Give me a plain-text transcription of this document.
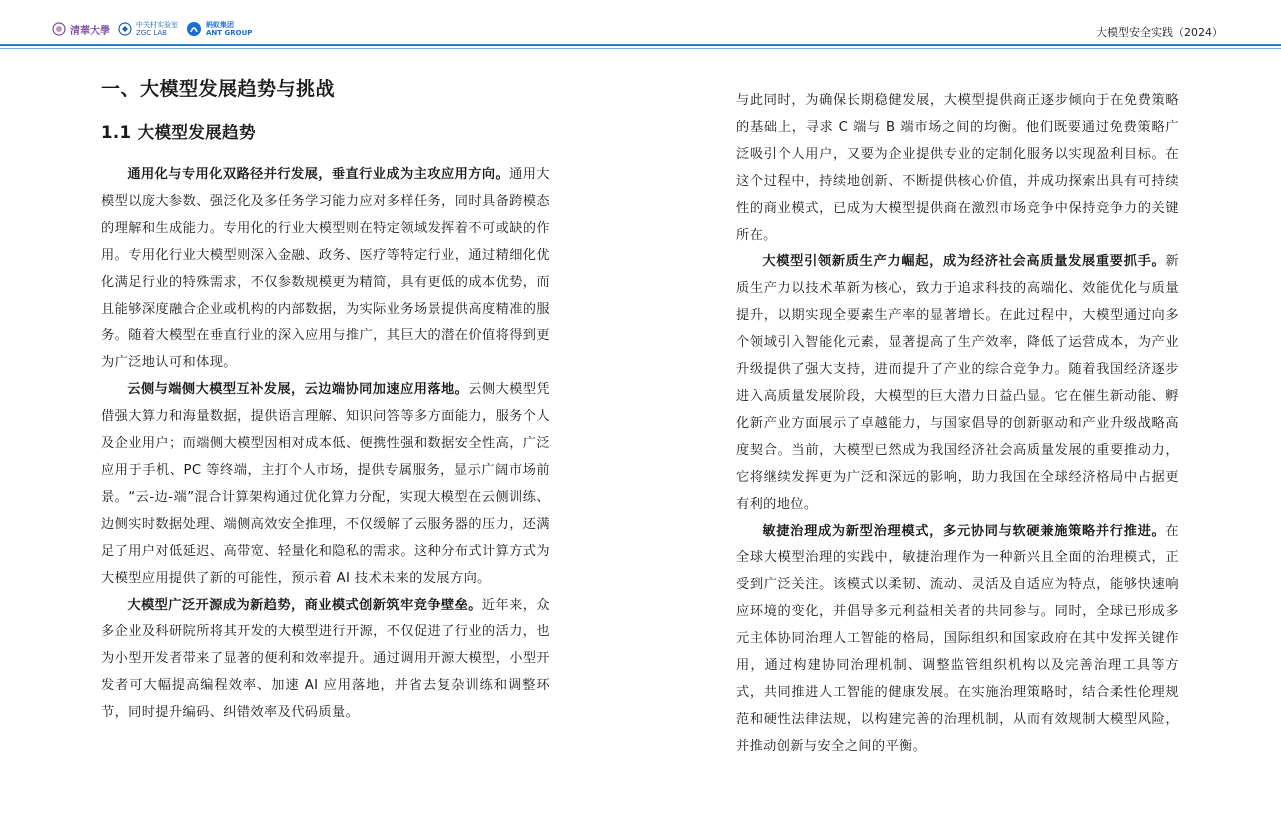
清華大學
中关村实验室
ZGC LAB
蚂蚁集团
ANT GROUP	大模型安全实践（2024）
一、大模型发展趋势与挑战
1.1 大模型发展趋势

通用化与专用化双路径并行发展，垂直行业成为主攻应用方向。通用大模型以庞大参数、强泛化及多任务学习能力应对多样任务，同时具备跨模态的理解和生成能力。专用化的行业大模型则在特定领域发挥着不可或缺的作用。专用化行业大模型则深入金融、政务、医疗等特定行业，通过精细化优化满足行业的特殊需求，不仅参数规模更为精简，具有更低的成本优势，而且能够深度融合企业或机构的内部数据，为实际业务场景提供高度精准的服务。随着大模型在垂直行业的深入应用与推广，其巨大的潜在价值将得到更为广泛地认可和体现。

云侧与端侧大模型互补发展，云边端协同加速应用落地。云侧大模型凭借强大算力和海量数据，提供语言理解、知识问答等多方面能力，服务个人及企业用户；而端侧大模型因相对成本低、便携性强和数据安全性高，广泛应用于手机、PC 等终端，主打个人市场，提供专属服务，显示广阔市场前景。“云-边-端”混合计算架构通过优化算力分配，实现大模型在云侧训练、边侧实时数据处理、端侧高效安全推理，不仅缓解了云服务器的压力，还满足了用户对低延迟、高带宽、轻量化和隐私的需求。这种分布式计算方式为大模型应用提供了新的可能性，预示着 AI 技术未来的发展方向。

大模型广泛开源成为新趋势，商业模式创新筑牢竞争壁垒。近年来，众多企业及科研院所将其开发的大模型进行开源，不仅促进了行业的活力，也为小型开发者带来了显著的便利和效率提升。通过调用开源大模型，小型开发者可大幅提高编程效率、加速 AI 应用落地，并省去复杂训练和调整环节，同时提升编码、纠错效率及代码质量。

与此同时，为确保长期稳健发展，大模型提供商正逐步倾向于在免费策略的基础上，寻求 C 端与 B 端市场之间的均衡。他们既要通过免费策略广泛吸引个人用户，又要为企业提供专业的定制化服务以实现盈利目标。在这个过程中，持续地创新、不断提供核心价值，并成功探索出具有可持续性的商业模式，已成为大模型提供商在激烈市场竞争中保持竞争力的关键所在。

大模型引领新质生产力崛起，成为经济社会高质量发展重要抓手。新质生产力以技术革新为核心，致力于追求科技的高端化、效能优化与质量提升，以期实现全要素生产率的显著增长。在此过程中，大模型通过向多个领域引入智能化元素，显著提高了生产效率，降低了运营成本，为产业升级提供了强大支持，进而提升了产业的综合竞争力。随着我国经济逐步进入高质量发展阶段，大模型的巨大潜力日益凸显。它在催生新动能、孵化新产业方面展示了卓越能力，与国家倡导的创新驱动和产业升级战略高度契合。当前，大模型已然成为我国经济社会高质量发展的重要推动力，它将继续发挥更为广泛和深远的影响，助力我国在全球经济格局中占据更有利的地位。

敏捷治理成为新型治理模式，多元协同与软硬兼施策略并行推进。在全球大模型治理的实践中，敏捷治理作为一种新兴且全面的治理模式，正受到广泛关注。该模式以柔韧、流动、灵活及自适应为特点，能够快速响应环境的变化，并倡导多元利益相关者的共同参与。同时，全球已形成多元主体协同治理人工智能的格局，国际组织和国家政府在其中发挥关键作用，通过构建协同治理机制、调整监管组织机构以及完善治理工具等方式，共同推进人工智能的健康发展。在实施治理策略时，结合柔性伦理规范和硬性法律法规，以构建完善的治理机制，从而有效规制大模型风险，并推动创新与安全之间的平衡。
